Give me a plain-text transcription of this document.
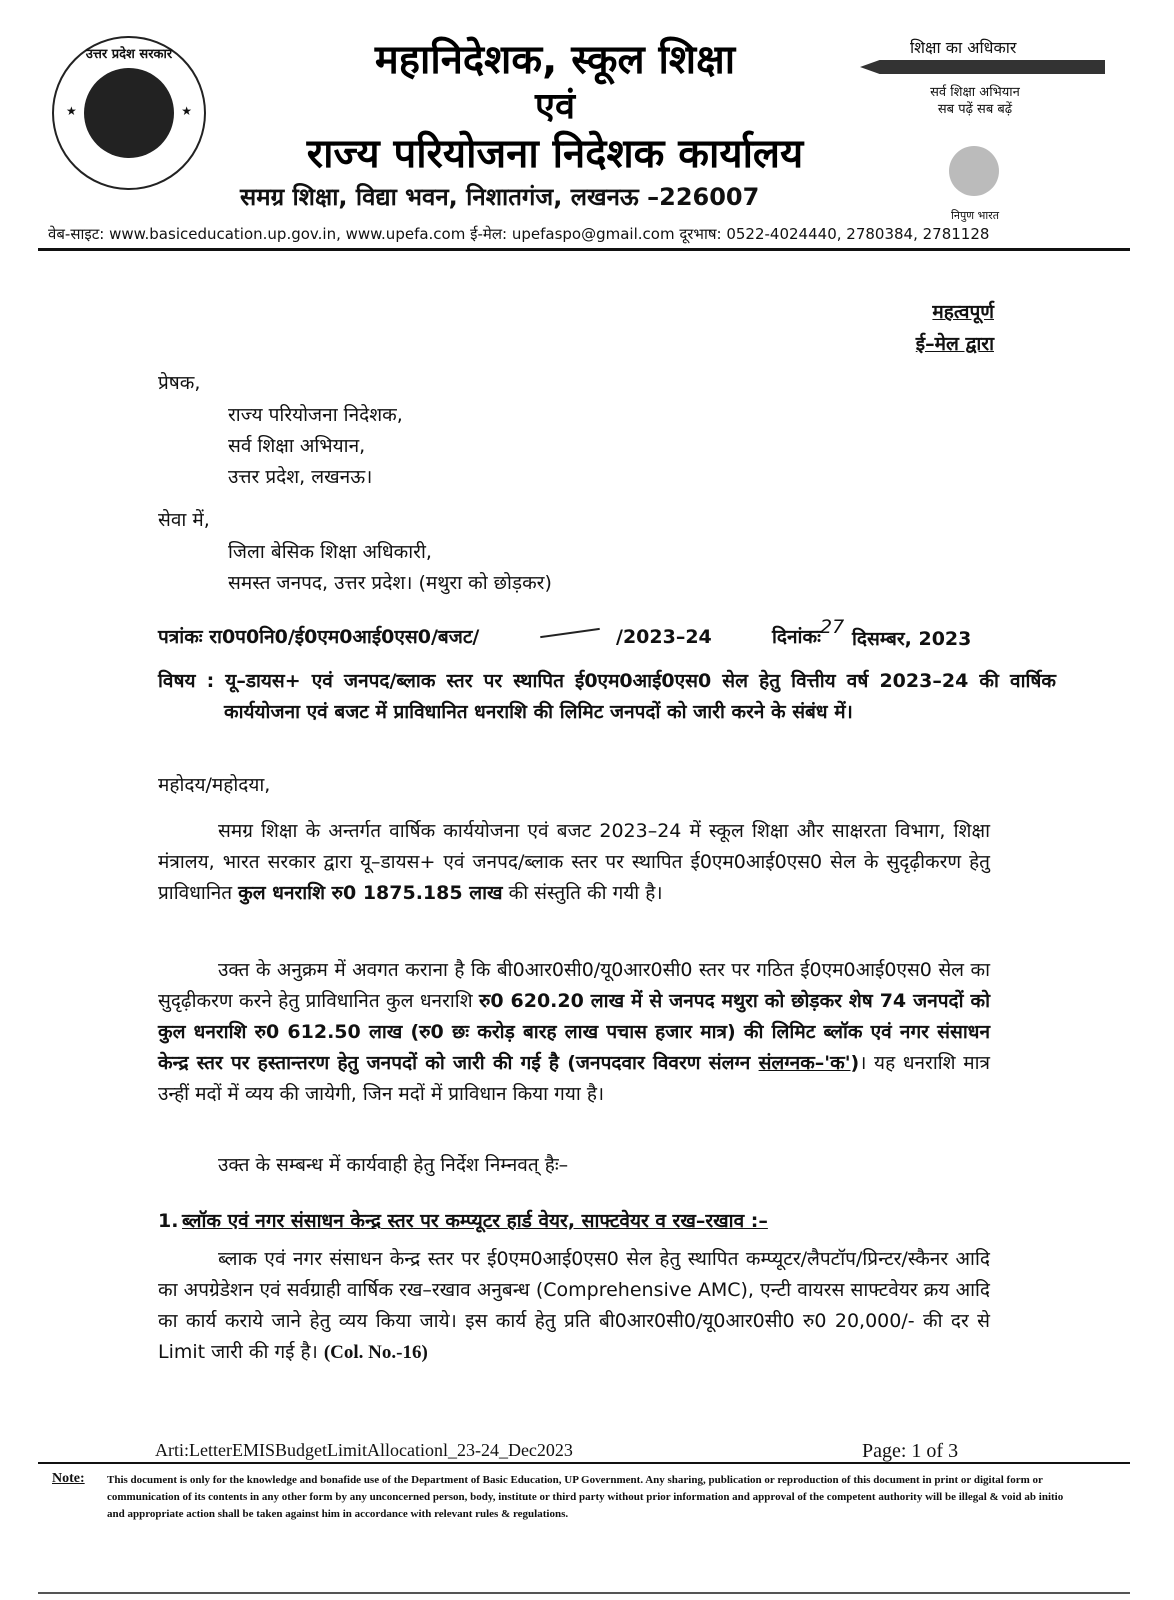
उत्तर प्रदेश सरकार
★	★
महानिदेशक, स्कूल शिक्षा
एवं
राज्य परियोजना निदेशक कार्यालय
समग्र शिक्षा, विद्या भवन, निशातगंज, लखनऊ –226007
शिक्षा का अधिकार
सर्व शिक्षा अभियान
सब पढ़ें सब बढ़ें
निपुण भारत
वेब-साइट: www.basiceducation.up.gov.in, www.upefa.com ई-मेल: upefaspo@gmail.com दूरभाष: 0522-4024440, 2780384, 2781128
महत्वपूर्ण
ई–मेल द्वारा
प्रेषक,
राज्य परियोजना निदेशक,
सर्व शिक्षा अभियान,
उत्तर प्रदेश, लखनऊ।
सेवा में,
जिला बेसिक शिक्षा अधिकारी,
समस्त जनपद, उत्तर प्रदेश। (मथुरा को छोड़कर)
पत्रांकः रा0प0नि0/ई0एम0आई0एस0/बजट/	/2023–24	दिनांकः 27
दिसम्बर, 2023
विषय : यू–डायस+ एवं जनपद/ब्लाक स्तर पर स्थापित ई0एम0आई0एस0 सेल हेतु वित्तीय वर्ष 2023–24 की वार्षिक कार्ययोजना एवं बजट में प्राविधानित धनराशि की लिमिट जनपदों को जारी करने के संबंध में।
महोदय/महोदया,
समग्र शिक्षा के अन्तर्गत वार्षिक कार्ययोजना एवं बजट 2023–24 में स्कूल शिक्षा और साक्षरता विभाग, शिक्षा मंत्रालय, भारत सरकार द्वारा यू–डायस+ एवं जनपद/ब्लाक स्तर पर स्थापित ई0एम0आई0एस0 सेल के सुदृढ़ीकरण हेतु प्राविधानित कुल धनराशि रु0 1875.185 लाख की संस्तुति की गयी है।
उक्त के अनुक्रम में अवगत कराना है कि बी0आर0सी0/यू0आर0सी0 स्तर पर गठित ई0एम0आई0एस0 सेल का सुदृढ़ीकरण करने हेतु प्राविधानित कुल धनराशि रु0 620.20 लाख में से जनपद मथुरा को छोड़कर शेष 74 जनपदों को कुल धनराशि रु0 612.50 लाख (रु0 छः करोड़ बारह लाख पचास हजार मात्र) की लिमिट ब्लॉक एवं नगर संसाधन केन्द्र स्तर पर हस्तान्तरण हेतु जनपदों को जारी की गई है (जनपदवार विवरण संलग्न संलग्नक–'क')। यह धनराशि मात्र उन्हीं मदों में व्यय की जायेगी, जिन मदों में प्राविधान किया गया है।
उक्त के सम्बन्ध में कार्यवाही हेतु निर्देश निम्नवत् हैः–
1. ब्लॉक एवं नगर संसाधन केन्द्र स्तर पर कम्प्यूटर हार्ड वेयर, साफ्टवेयर व रख–रखाव :–
ब्लाक एवं नगर संसाधन केन्द्र स्तर पर ई0एम0आई0एस0 सेल हेतु स्थापित कम्प्यूटर/लैपटॉप/प्रिन्टर/स्कैनर आदि का अपग्रेडेशन एवं सर्वग्राही वार्षिक रख–रखाव अनुबन्ध (Comprehensive AMC), एन्टी वायरस साफ्टवेयर क्रय आदि का कार्य कराये जाने हेतु व्यय किया जाये। इस कार्य हेतु प्रति बी0आर0सी0/यू0आर0सी0 रु0 20,000/- की दर से Limit जारी की गई है। (Col. No.-16)
Arti:LetterEMISBudgetLimitAllocationl_23-24_Dec2023	Page: 1 of 3
Note: This document is only for the knowledge and bonafide use of the Department of Basic Education, UP Government. Any sharing, publication or reproduction of this document in print or digital form or communication of its contents in any other form by any unconcerned person, body, institute or third party without prior information and approval of the competent authority will be illegal & void ab initio and appropriate action shall be taken against him in accordance with relevant rules & regulations.
